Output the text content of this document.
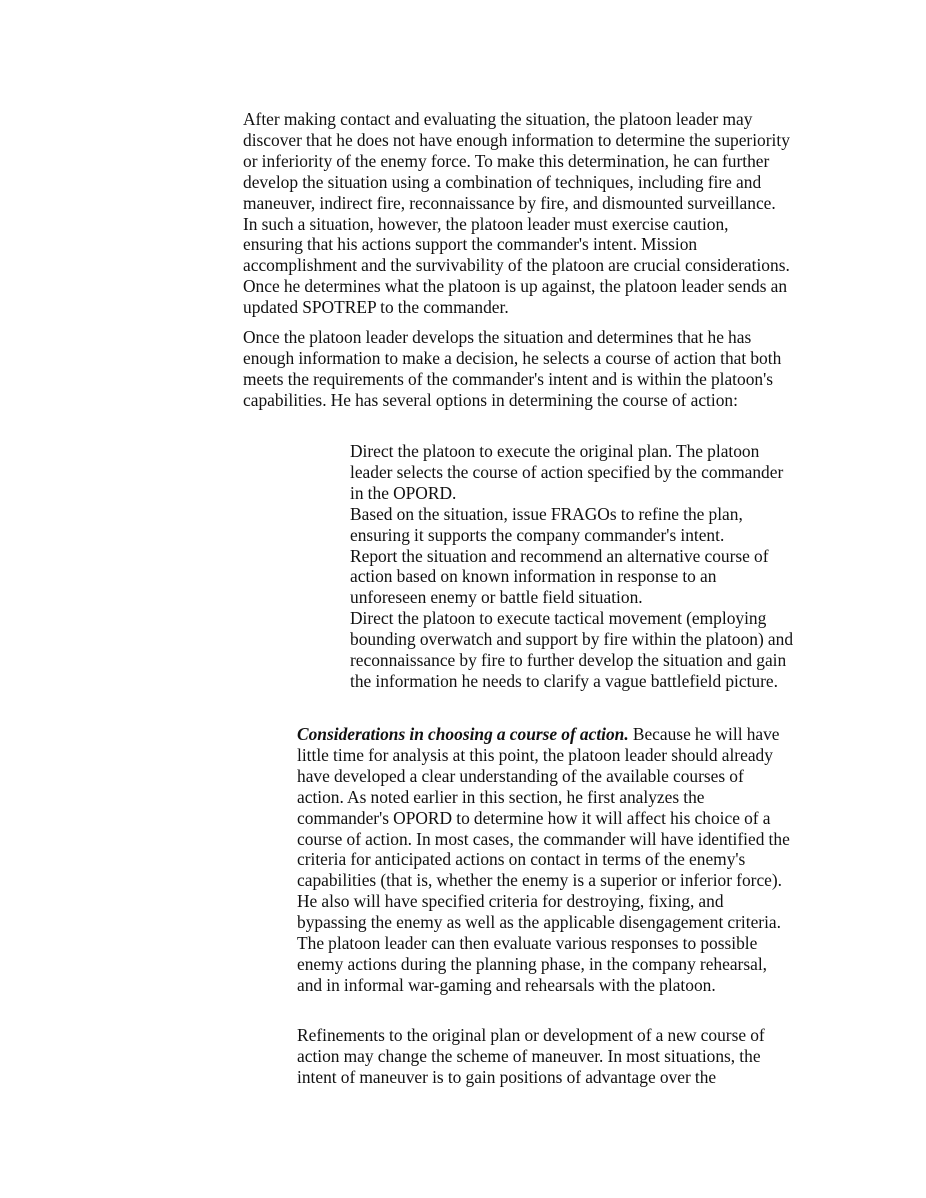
After making contact and evaluating the situation, the platoon leader may discover that he does not have enough information to determine the superiority or inferiority of the enemy force. To make this determination, he can further develop the situation using a combination of techniques, including fire and maneuver, indirect fire, reconnaissance by fire, and dismounted surveillance. In such a situation, however, the platoon leader must exercise caution, ensuring that his actions support the commander's intent. Mission accomplishment and the survivability of the platoon are crucial considerations. Once he determines what the platoon is up against, the platoon leader sends an updated SPOTREP to the commander.

Once the platoon leader develops the situation and determines that he has enough information to make a decision, he selects a course of action that both meets the requirements of the commander's intent and is within the platoon's capabilities. He has several options in determining the course of action:

Direct the platoon to execute the original plan. The platoon leader selects the course of action specified by the commander in the OPORD.

Based on the situation, issue FRAGOs to refine the plan, ensuring it supports the company commander's intent.

Report the situation and recommend an alternative course of action based on known information in response to an unforeseen enemy or battle field situation.

Direct the platoon to execute tactical movement (employing bounding overwatch and support by fire within the platoon) and reconnaissance by fire to further develop the situation and gain the information he needs to clarify a vague battlefield picture.

Considerations in choosing a course of action. Because he will have little time for analysis at this point, the platoon leader should already have developed a clear understanding of the available courses of action. As noted earlier in this section, he first analyzes the commander's OPORD to determine how it will affect his choice of a course of action. In most cases, the commander will have identified the criteria for anticipated actions on contact in terms of the enemy's capabilities (that is, whether the enemy is a superior or inferior force). He also will have specified criteria for destroying, fixing, and bypassing the enemy as well as the applicable disengagement criteria. The platoon leader can then evaluate various responses to possible enemy actions during the planning phase, in the company rehearsal, and in informal war-gaming and rehearsals with the platoon.

Refinements to the original plan or development of a new course of action may change the scheme of maneuver. In most situations, the intent of maneuver is to gain positions of advantage over the
